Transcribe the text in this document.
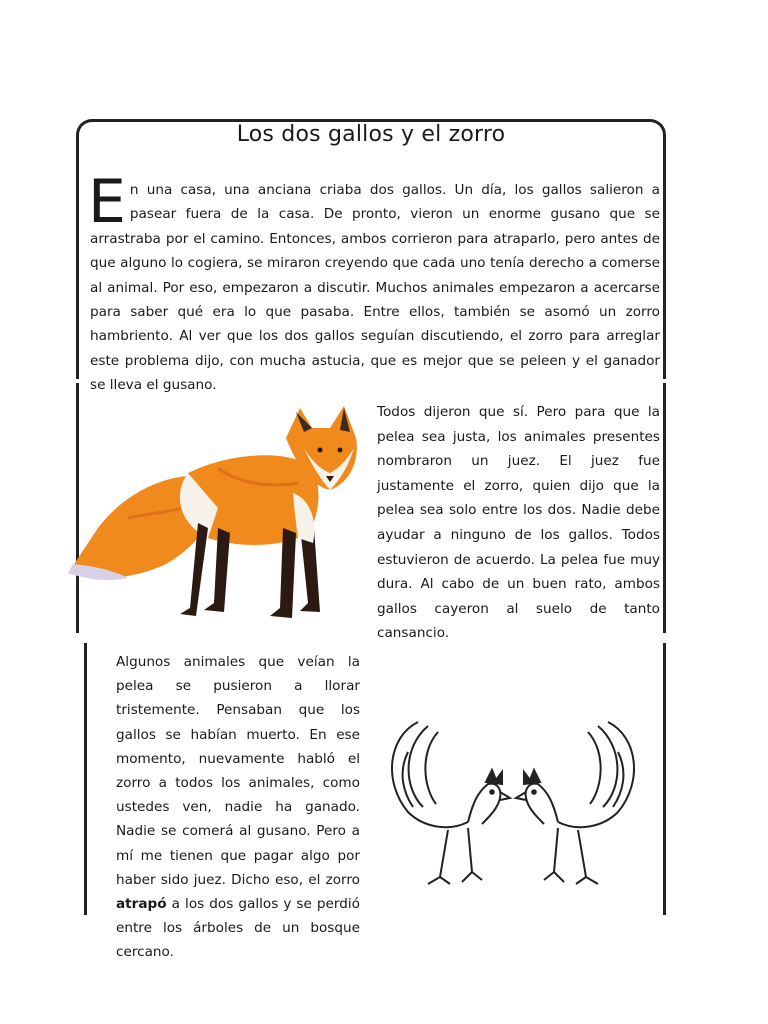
Los dos gallos y el zorro
En una casa, una anciana criaba dos gallos. Un día, los gallos salieron a pasear fuera de la casa. De pronto, vieron un enorme gusano que se arrastraba por el camino. Entonces, ambos corrieron para atraparlo, pero antes de que alguno lo cogiera, se miraron creyendo que cada uno tenía derecho a comerse al animal. Por eso, empezaron a discutir. Muchos animales empezaron a acercarse para saber qué era lo que pasaba. Entre ellos, también se asomó un zorro hambriento. Al ver que los dos gallos seguían discutiendo, el zorro para arreglar este problema dijo, con mucha astucia, que es mejor que se peleen y el ganador se lleva el gusano.
Todos dijeron que sí. Pero para que la pelea sea justa, los animales presentes nombraron un juez. El juez fue justamente el zorro, quien dijo que la pelea sea solo entre los dos. Nadie debe ayudar a ninguno de los gallos. Todos estuvieron de acuerdo. La pelea fue muy dura. Al cabo de un buen rato, ambos gallos cayeron al suelo de tanto cansancio.
Algunos animales que veían la pelea se pusieron a llorar tristemente. Pensaban que los gallos se habían muerto. En ese momento, nuevamente habló el zorro a todos los animales, como ustedes ven, nadie ha ganado. Nadie se comerá al gusano. Pero a mí me tienen que pagar algo por haber sido juez. Dicho eso, el zorro atrapó a los dos gallos y se perdió entre los árboles de un bosque cercano.
